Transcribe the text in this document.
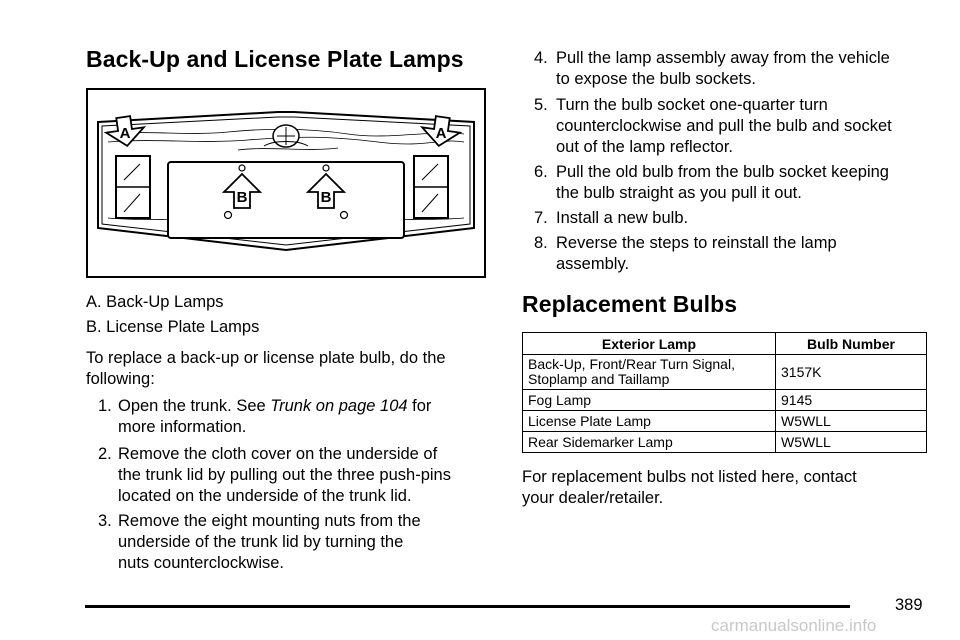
Back-Up and License Plate Lamps
A	A
B	B
A. Back-Up Lamps
B. License Plate Lamps
To replace a back-up or license plate bulb, do the
following:
1. Open the trunk. See Trunk on page 104 for
more information.
2. Remove the cloth cover on the underside of
the trunk lid by pulling out the three push-pins
located on the underside of the trunk lid.
3. Remove the eight mounting nuts from the
underside of the trunk lid by turning the
nuts counterclockwise.
4. Pull the lamp assembly away from the vehicle
to expose the bulb sockets.
5. Turn the bulb socket one-quarter turn
counterclockwise and pull the bulb and socket
out of the lamp reflector.
6. Pull the old bulb from the bulb socket keeping
the bulb straight as you pull it out.
7. Install a new bulb.
8. Reverse the steps to reinstall the lamp
assembly.
Replacement Bulbs
Exterior Lamp	Bulb Number

Back-Up, Front/Rear Turn Signal,
Stoplamp and Taillamp	3157K
Fog Lamp	9145
License Plate Lamp	W5WLL
Rear Sidemarker Lamp	W5WLL
For replacement bulbs not listed here, contact
your dealer/retailer.
389
carmanualsonline.info
